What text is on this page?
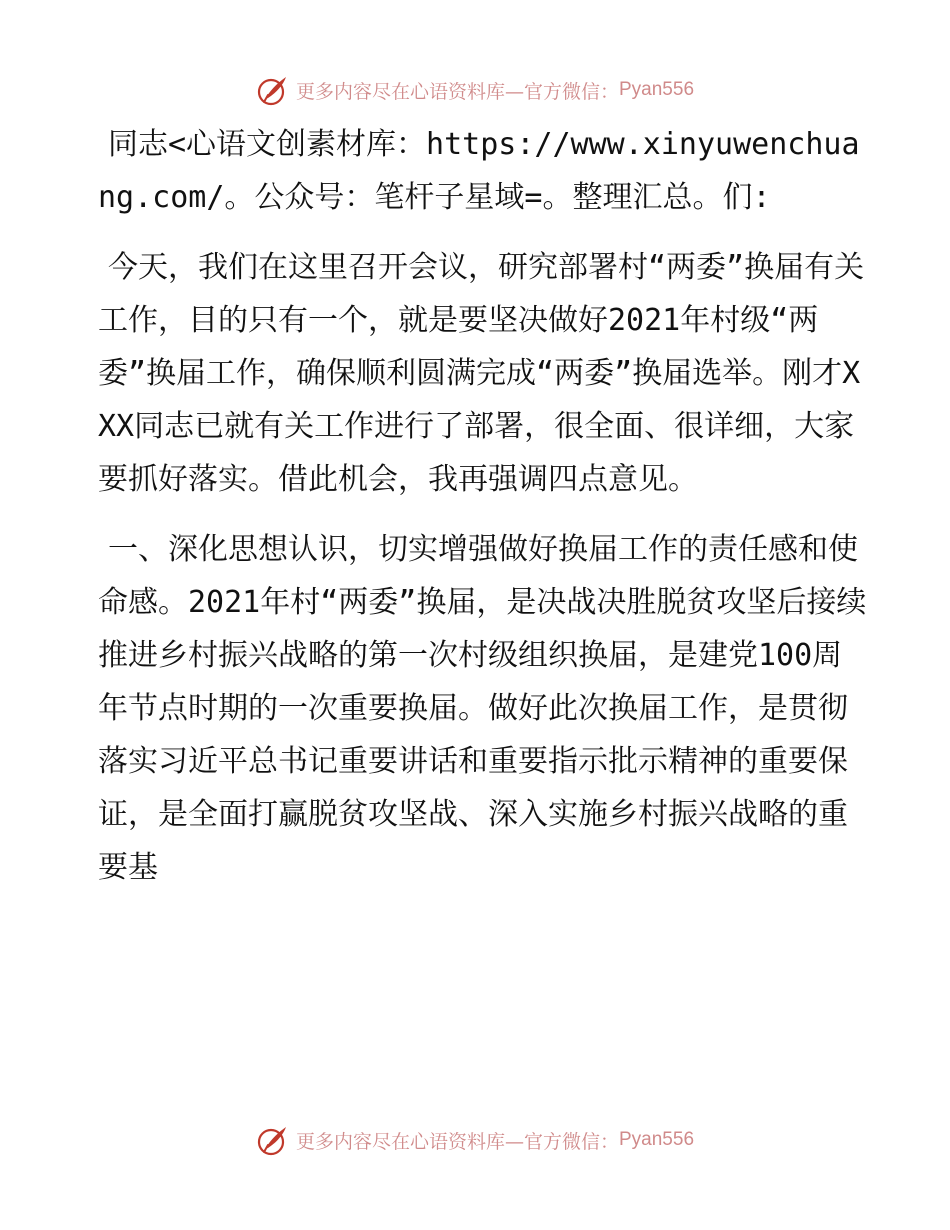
更多内容尽在心语资料库—官方微信： Pyan556

同志<心语文创素材库：https://www.xinyuwenchuang.com/。公众号：笔杆子星域=。整理汇总。们:

今天，我们在这里召开会议，研究部署村“两委”换届有关工作，目的只有一个，就是要坚决做好2021年村级“两委”换届工作，确保顺利圆满完成“两委”换届选举。刚才XXX同志已就有关工作进行了部署，很全面、很详细，大家要抓好落实。借此机会，我再强调四点意见。

一、深化思想认识，切实增强做好换届工作的责任感和使命感。2021年村“两委”换届，是决战决胜脱贫攻坚后接续推进乡村振兴战略的第一次村级组织换届，是建党100周年节点时期的一次重要换届。做好此次换届工作，是贯彻落实习近平总书记重要讲话和重要指示批示精神的重要保证，是全面打赢脱贫攻坚战、深入实施乡村振兴战略的重要基

更多内容尽在心语资料库—官方微信： Pyan556
